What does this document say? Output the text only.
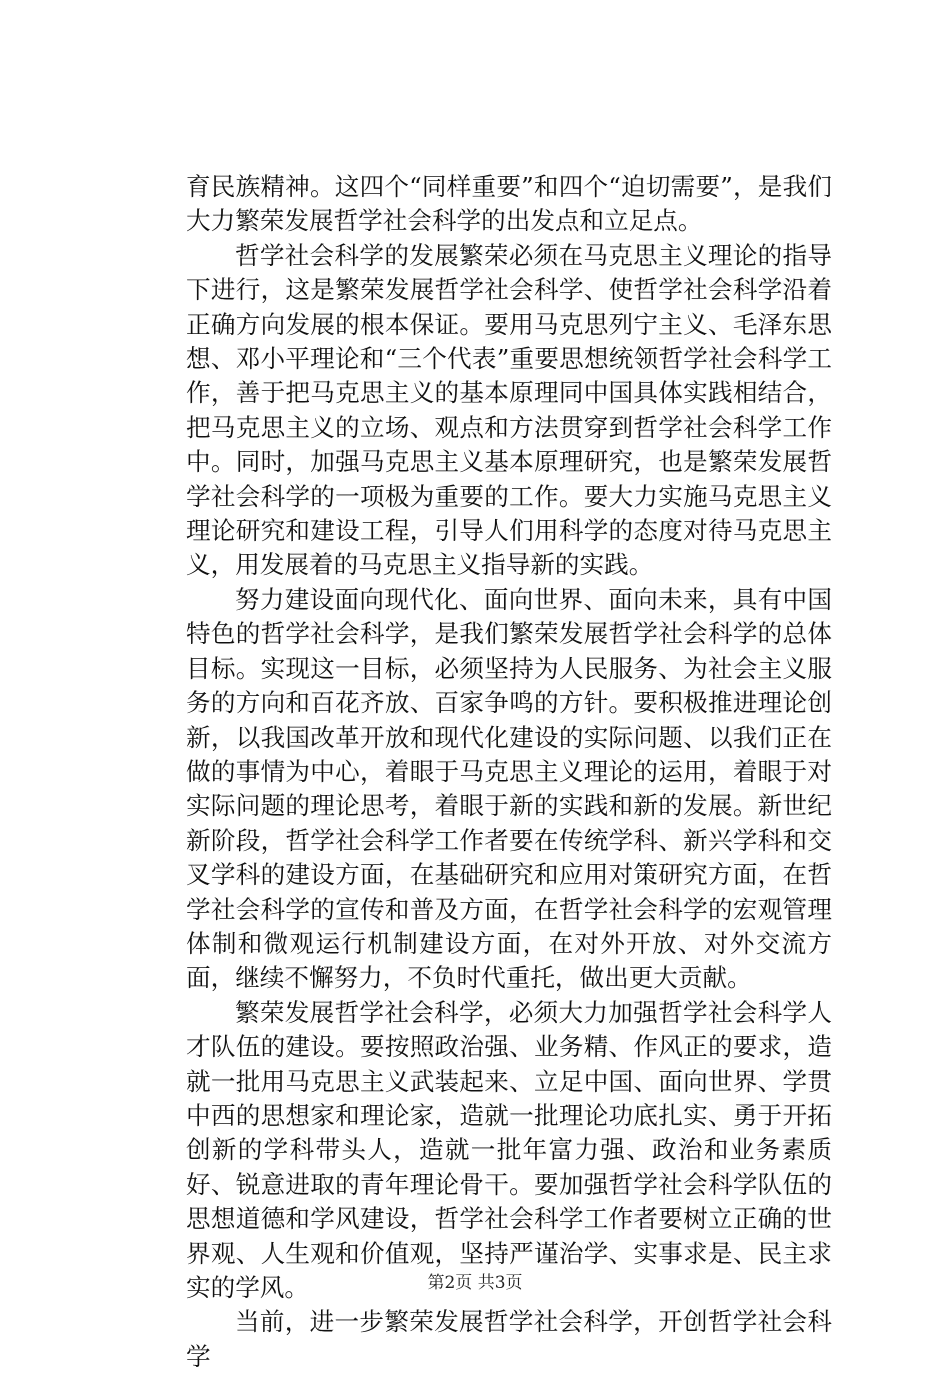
育民族精神。这四个“同样重要”和四个“迫切需要”，是我们大力繁荣发展哲学社会科学的出发点和立足点。

哲学社会科学的发展繁荣必须在马克思主义理论的指导下进行，这是繁荣发展哲学社会科学、使哲学社会科学沿着正确方向发展的根本保证。要用马克思列宁主义、毛泽东思想、邓小平理论和“三个代表”重要思想统领哲学社会科学工作，善于把马克思主义的基本原理同中国具体实践相结合，把马克思主义的立场、观点和方法贯穿到哲学社会科学工作中。同时，加强马克思主义基本原理研究，也是繁荣发展哲学社会科学的一项极为重要的工作。要大力实施马克思主义理论研究和建设工程，引导人们用科学的态度对待马克思主义，用发展着的马克思主义指导新的实践。

努力建设面向现代化、面向世界、面向未来，具有中国特色的哲学社会科学，是我们繁荣发展哲学社会科学的总体目标。实现这一目标，必须坚持为人民服务、为社会主义服务的方向和百花齐放、百家争鸣的方针。要积极推进理论创新，以我国改革开放和现代化建设的实际问题、以我们正在做的事情为中心，着眼于马克思主义理论的运用，着眼于对实际问题的理论思考，着眼于新的实践和新的发展。新世纪新阶段，哲学社会科学工作者要在传统学科、新兴学科和交叉学科的建设方面，在基础研究和应用对策研究方面，在哲学社会科学的宣传和普及方面，在哲学社会科学的宏观管理体制和微观运行机制建设方面，在对外开放、对外交流方面，继续不懈努力，不负时代重托，做出更大贡献。

繁荣发展哲学社会科学，必须大力加强哲学社会科学人才队伍的建设。要按照政治强、业务精、作风正的要求，造就一批用马克思主义武装起来、立足中国、面向世界、学贯中西的思想家和理论家，造就一批理论功底扎实、勇于开拓创新的学科带头人，造就一批年富力强、政治和业务素质好、锐意进取的青年理论骨干。要加强哲学社会科学队伍的思想道德和学风建设，哲学社会科学工作者要树立正确的世界观、人生观和价值观，坚持严谨治学、实事求是、民主求实的学风。

当前，进一步繁荣发展哲学社会科学，开创哲学社会科学

第2页 共3页
